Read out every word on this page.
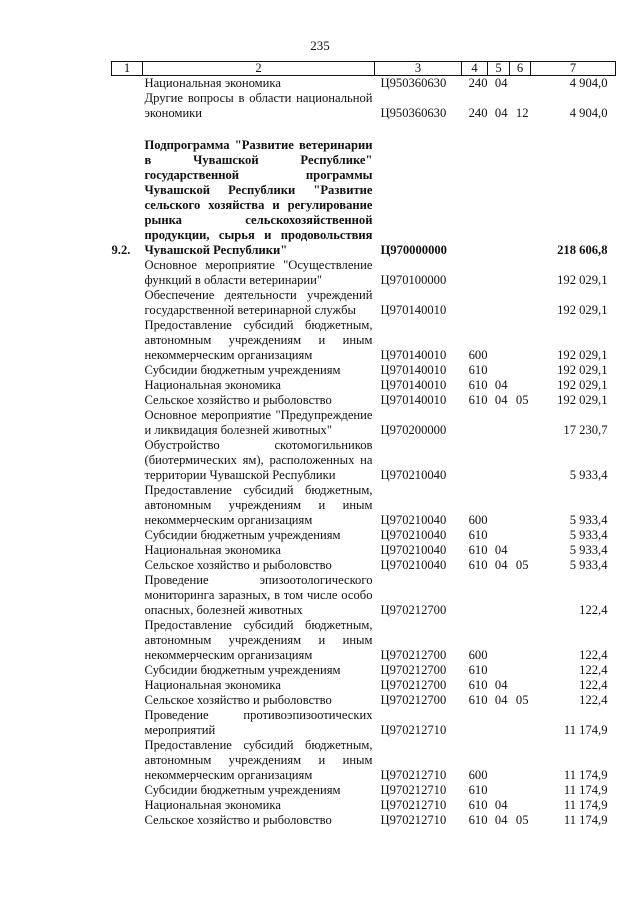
235
1	2	3	4	5	6	7
	Национальная экономика	Ц950360630	240	04		4 904,0
	Другие вопросы в области национальной экономики	Ц950360630	240	04	12	4 904,0

9.2.	Подпрограмма "Развитие ветеринарии в Чувашской Республике" государственной программы Чувашской Республики "Развитие сельского хозяйства и регулирование рынка сельскохозяйственной продукции, сырья и продовольствия Чувашской Республики"	Ц970000000				218 606,8
	Основное мероприятие "Осуществление функций в области ветеринарии"	Ц970100000				192 029,1
	Обеспечение деятельности учреждений государственной ветеринарной службы	Ц970140010				192 029,1
	Предоставление субсидий бюджетным, автономным учреждениям и иным некоммерческим организациям	Ц970140010	600			192 029,1
	Субсидии бюджетным учреждениям	Ц970140010	610			192 029,1
	Национальная экономика	Ц970140010	610	04		192 029,1
	Сельское хозяйство и рыболовство	Ц970140010	610	04	05	192 029,1
	Основное мероприятие "Предупреждение и ликвидация болезней животных"	Ц970200000				17 230,7
	Обустройство скотомогильников (биотермических ям), расположенных на территории Чувашской Республики	Ц970210040				5 933,4
	Предоставление субсидий бюджетным, автономным учреждениям и иным некоммерческим организациям	Ц970210040	600			5 933,4
	Субсидии бюджетным учреждениям	Ц970210040	610			5 933,4
	Национальная экономика	Ц970210040	610	04		5 933,4
	Сельское хозяйство и рыболовство	Ц970210040	610	04	05	5 933,4
	Проведение эпизоотологического мониторинга заразных, в том числе особо опасных, болезней животных	Ц970212700				122,4
	Предоставление субсидий бюджетным, автономным учреждениям и иным некоммерческим организациям	Ц970212700	600			122,4
	Субсидии бюджетным учреждениям	Ц970212700	610			122,4
	Национальная экономика	Ц970212700	610	04		122,4
	Сельское хозяйство и рыболовство	Ц970212700	610	04	05	122,4
	Проведение противоэпизоотических мероприятий	Ц970212710				11 174,9
	Предоставление субсидий бюджетным, автономным учреждениям и иным некоммерческим организациям	Ц970212710	600			11 174,9
	Субсидии бюджетным учреждениям	Ц970212710	610			11 174,9
	Национальная экономика	Ц970212710	610	04		11 174,9
	Сельское хозяйство и рыболовство	Ц970212710	610	04	05	11 174,9
